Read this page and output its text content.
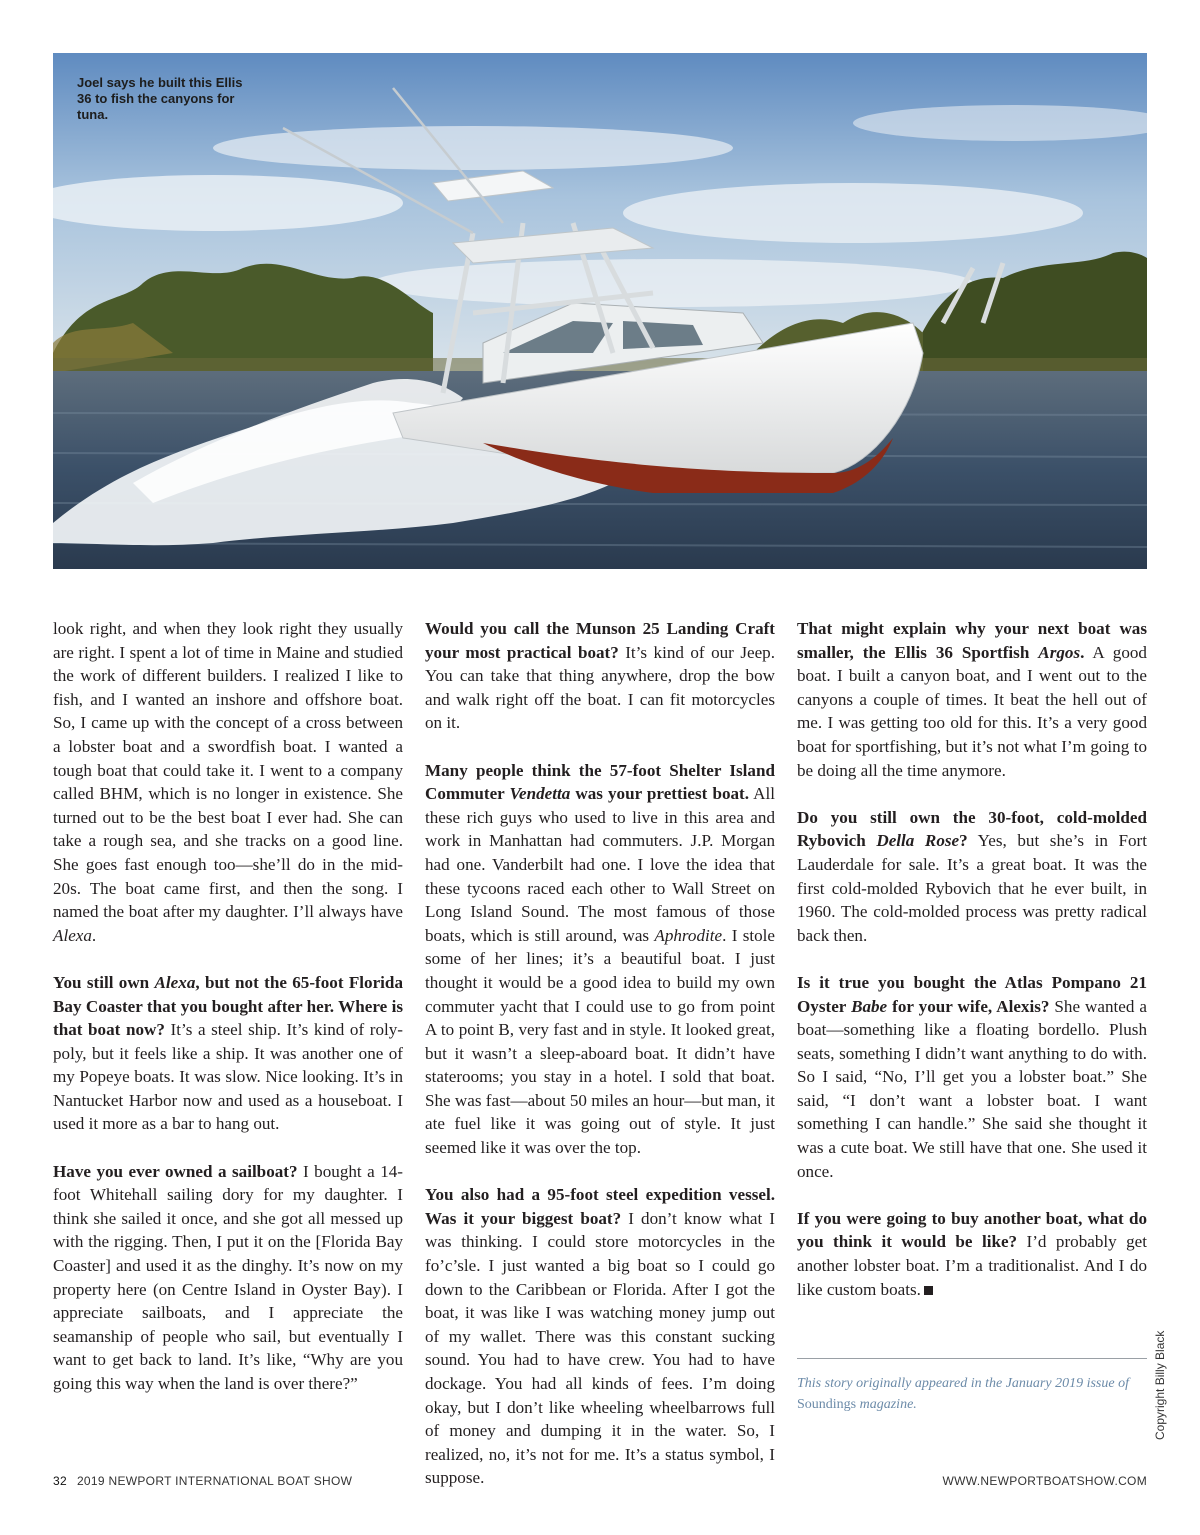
Joel says he built this Ellis 36 to fish the canyons for tuna.

look right, and when they look right they usually are right. I spent a lot of time in Maine and studied the work of different builders. I realized I like to fish, and I wanted an inshore and offshore boat. So, I came up with the concept of a cross between a lobster boat and a swordfish boat. I wanted a tough boat that could take it. I went to a company called BHM, which is no longer in existence. She turned out to be the best boat I ever had. She can take a rough sea, and she tracks on a good line. She goes fast enough too—she’ll do in the mid-20s. The boat came first, and then the song. I named the boat after my daughter. I’ll always have Alexa.

You still own Alexa, but not the 65-foot Florida Bay Coaster that you bought after her. Where is that boat now? It’s a steel ship. It’s kind of roly-poly, but it feels like a ship. It was another one of my Popeye boats. It was slow. Nice looking. It’s in Nantucket Harbor now and used as a houseboat. I used it more as a bar to hang out.

Have you ever owned a sailboat? I bought a 14-foot Whitehall sailing dory for my daughter. I think she sailed it once, and she got all messed up with the rigging. Then, I put it on the [Florida Bay Coaster] and used it as the dinghy. It’s now on my property here (on Centre Island in Oyster Bay). I appreciate sailboats, and I appreciate the seamanship of people who sail, but eventually I want to get back to land. It’s like, “Why are you going this way when the land is over there?”

Would you call the Munson 25 Landing Craft your most practical boat? It’s kind of our Jeep. You can take that thing anywhere, drop the bow and walk right off the boat. I can fit motorcycles on it.

Many people think the 57-foot Shelter Island Commuter Vendetta was your prettiest boat. All these rich guys who used to live in this area and work in Manhattan had commuters. J.P. Morgan had one. Vanderbilt had one. I love the idea that these tycoons raced each other to Wall Street on Long Island Sound. The most famous of those boats, which is still around, was Aphrodite. I stole some of her lines; it’s a beautiful boat. I just thought it would be a good idea to build my own commuter yacht that I could use to go from point A to point B, very fast and in style. It looked great, but it wasn’t a sleep-aboard boat. It didn’t have staterooms; you stay in a hotel. I sold that boat. She was fast—about 50 miles an hour—but man, it ate fuel like it was going out of style. It just seemed like it was over the top.

You also had a 95-foot steel expedition vessel. Was it your biggest boat? I don’t know what I was thinking. I could store motorcycles in the fo’c’sle. I just wanted a big boat so I could go down to the Caribbean or Florida. After I got the boat, it was like I was watching money jump out of my wallet. There was this constant sucking sound. You had to have crew. You had to have dockage. You had all kinds of fees. I’m doing okay, but I don’t like wheeling wheelbarrows full of money and dumping it in the water. So, I realized, no, it’s not for me. It’s a status symbol, I suppose.

That might explain why your next boat was smaller, the Ellis 36 Sportfish Argos. A good boat. I built a canyon boat, and I went out to the canyons a couple of times. It beat the hell out of me. I was getting too old for this. It’s a very good boat for sportfishing, but it’s not what I’m going to be doing all the time anymore.

Do you still own the 30-foot, cold-molded Rybovich Della Rose? Yes, but she’s in Fort Lauderdale for sale. It’s a great boat. It was the first cold-molded Rybovich that he ever built, in 1960. The cold-molded process was pretty radical back then.

Is it true you bought the Atlas Pompano 21 Oyster Babe for your wife, Alexis? She wanted a boat—something like a floating bordello. Plush seats, something I didn’t want anything to do with. So I said, “No, I’ll get you a lobster boat.” She said, “I don’t want a lobster boat. I want something I can handle.” She said she thought it was a cute boat. We still have that one. She used it once.

If you were going to buy another boat, what do you think it would be like? I’d probably get another lobster boat. I’m a traditionalist. And I do like custom boats.

This story originally appeared in the January 2019 issue of Soundings magazine.	Copyright Billy Black
32 2019 NEWPORT INTERNATIONAL BOAT SHOW	WWW.NEWPORTBOATSHOW.COM
